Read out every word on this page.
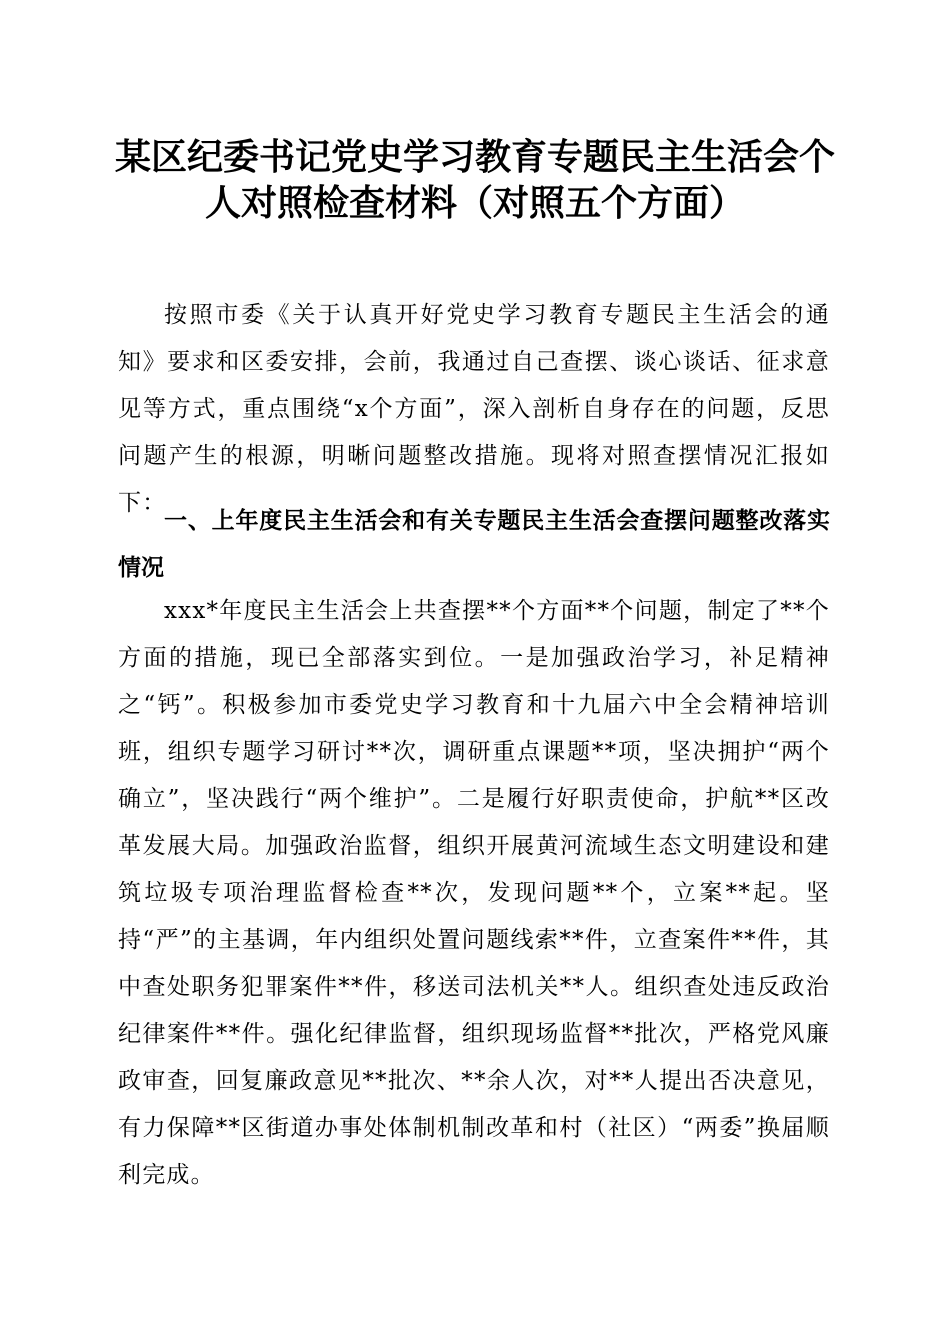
某区纪委书记党史学习教育专题民主生活会个人对照检查材料（对照五个方面）

按照市委《关于认真开好党史学习教育专题民主生活会的通知》要求和区委安排，会前，我通过自己查摆、谈心谈话、征求意见等方式，重点围绕“x个方面”，深入剖析自身存在的问题，反思问题产生的根源，明晰问题整改措施。现将对照查摆情况汇报如下：

一、上年度民主生活会和有关专题民主生活会查摆问题整改落实情况

xxx*年度民主生活会上共查摆**个方面**个问题，制定了**个方面的措施，现已全部落实到位。一是加强政治学习，补足精神之“钙”。积极参加市委党史学习教育和十九届六中全会精神培训班，组织专题学习研讨**次，调研重点课题**项，坚决拥护“两个确立”，坚决践行“两个维护”。二是履行好职责使命，护航**区改革发展大局。加强政治监督，组织开展黄河流域生态文明建设和建筑垃圾专项治理监督检查**次，发现问题**个，立案**起。坚持“严”的主基调，年内组织处置问题线索**件，立查案件**件，其中查处职务犯罪案件**件，移送司法机关**人。组织查处违反政治纪律案件**件。强化纪律监督，组织现场监督**批次，严格党风廉政审查，回复廉政意见**批次、**余人次，对**人提出否决意见，有力保障**区街道办事处体制机制改革和村（社区）“两委”换届顺利完成。
